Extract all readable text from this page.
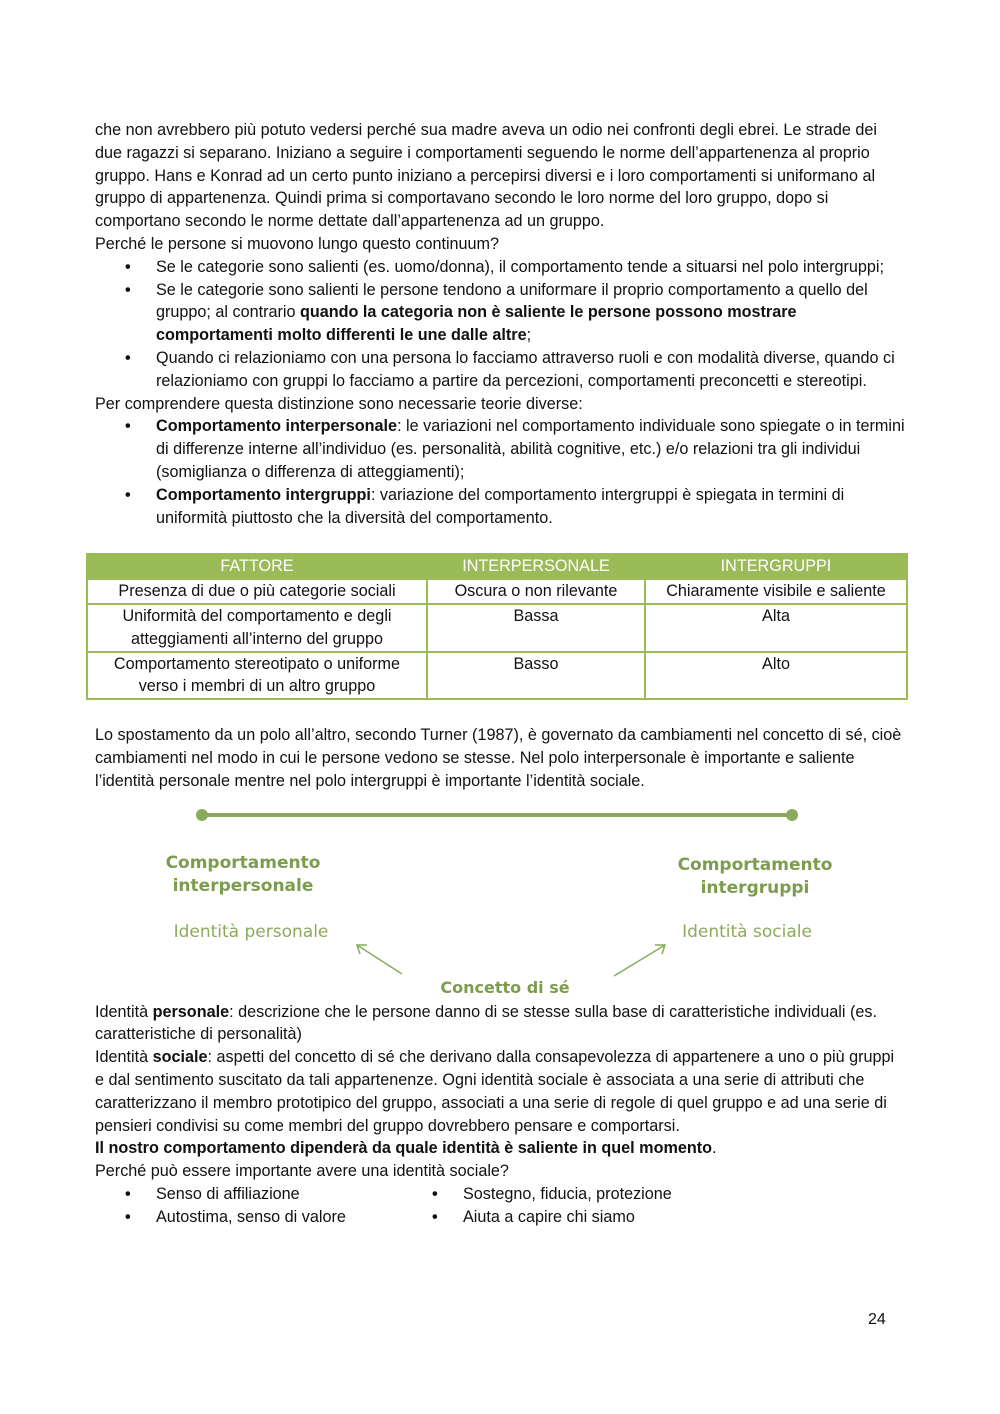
che non avrebbero più potuto vedersi perché sua madre aveva un odio nei confronti degli ebrei. Le strade dei due ragazzi si separano. Iniziano a seguire i comportamenti seguendo le norme dell’appartenenza al proprio gruppo. Hans e Konrad ad un certo punto iniziano a percepirsi diversi e i loro comportamenti si uniformano al gruppo di appartenenza. Quindi prima si comportavano secondo le loro norme del loro gruppo, dopo si comportano secondo le norme dettate dall’appartenenza ad un gruppo.

Perché le persone si muovono lungo questo continuum?

• Se le categorie sono salienti (es. uomo/donna), il comportamento tende a situarsi nel polo intergruppi;
• Se le categorie sono salienti le persone tendono a uniformare il proprio comportamento a quello del gruppo; al contrario quando la categoria non è saliente le persone possono mostrare comportamenti molto differenti le une dalle altre;
• Quando ci relazioniamo con una persona lo facciamo attraverso ruoli e con modalità diverse, quando ci relazioniamo con gruppi lo facciamo a partire da percezioni, comportamenti preconcetti e stereotipi.

Per comprendere questa distinzione sono necessarie teorie diverse:

• Comportamento interpersonale: le variazioni nel comportamento individuale sono spiegate o in termini di differenze interne all’individuo (es. personalità, abilità cognitive, etc.) e/o relazioni tra gli individui (somiglianza o differenza di atteggiamenti);
• Comportamento intergruppi: variazione del comportamento intergruppi è spiegata in termini di uniformità piuttosto che la diversità del comportamento.
FATTORE	INTERPERSONALE	INTERGRUPPI
Presenza di due o più categorie sociali	Oscura o non rilevante	Chiaramente visibile e saliente
Uniformità del comportamento e degli atteggiamenti all’interno del gruppo	Bassa	Alta
Comportamento stereotipato o uniforme verso i membri di un altro gruppo	Basso	Alto

Lo spostamento da un polo all’altro, secondo Turner (1987), è governato da cambiamenti nel concetto di sé, cioè cambiamenti nel modo in cui le persone vedono se stesse. Nel polo interpersonale è importante e saliente l’identità personale mentre nel polo intergruppi è importante l’identità sociale.

Comportamento
interpersonale
Identità personale
Comportamento
intergruppi
Identità sociale
Concetto di sé

Identità personale: descrizione che le persone danno di se stesse sulla base di caratteristiche individuali (es. caratteristiche di personalità)

Identità sociale: aspetti del concetto di sé che derivano dalla consapevolezza di appartenere a uno o più gruppi e dal sentimento suscitato da tali appartenenze. Ogni identità sociale è associata a una serie di attributi che caratterizzano il membro prototipico del gruppo, associati a una serie di regole di quel gruppo e ad una serie di pensieri condivisi su come membri del gruppo dovrebbero pensare e comportarsi.

Il nostro comportamento dipenderà da quale identità è saliente in quel momento.

Perché può essere importante avere una identità sociale?

• Senso di affiliazione
• Autostima, senso di valore
• Sostegno, fiducia, protezione
• Aiuta a capire chi siamo
24
